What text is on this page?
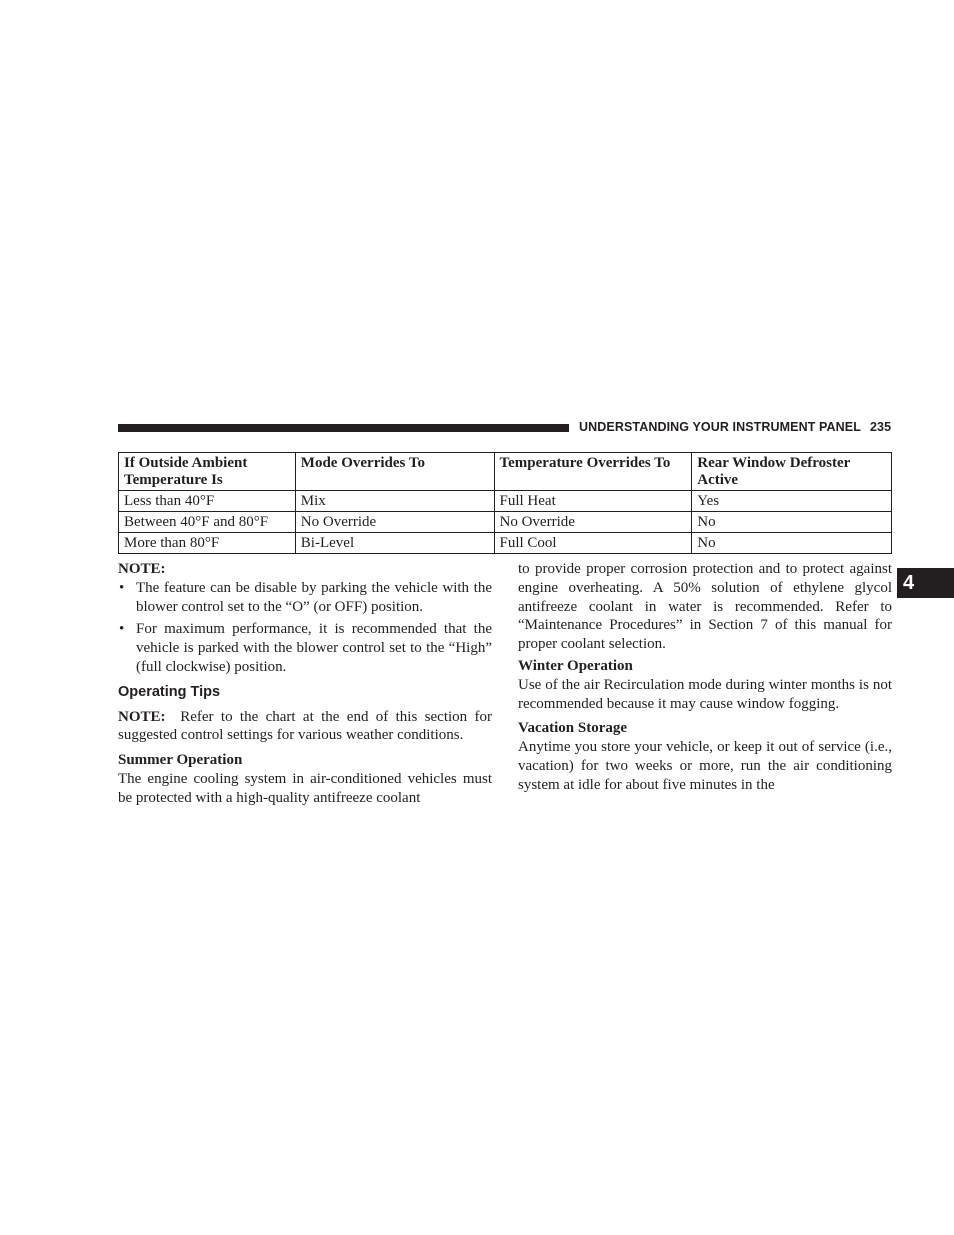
UNDERSTANDING YOUR INSTRUMENT PANEL 235
4
If Outside Ambient Temperature Is	Mode Overrides To	Temperature Overrides To	Rear Window Defroster Active
Less than 40°F	Mix	Full Heat	Yes
Between 40°F and 80°F	No Override	No Override	No
More than 80°F	Bi-Level	Full Cool	No

NOTE:

• The feature can be disable by parking the vehicle with the blower control set to the “O” (or OFF) position.
• For maximum performance, it is recommended that the vehicle is parked with the blower control set to the “High” (full clockwise) position.
Operating Tips

NOTE: Refer to the chart at the end of this section for suggested control settings for various weather conditions.

Summer Operation

The engine cooling system in air-conditioned vehicles must be protected with a high-quality antifreeze coolant

to provide proper corrosion protection and to protect against engine overheating. A 50% solution of ethylene glycol antifreeze coolant in water is recommended. Refer to “Maintenance Procedures” in Section 7 of this manual for proper coolant selection.

Winter Operation

Use of the air Recirculation mode during winter months is not recommended because it may cause window fogging.

Vacation Storage

Anytime you store your vehicle, or keep it out of service (i.e., vacation) for two weeks or more, run the air conditioning system at idle for about five minutes in the
